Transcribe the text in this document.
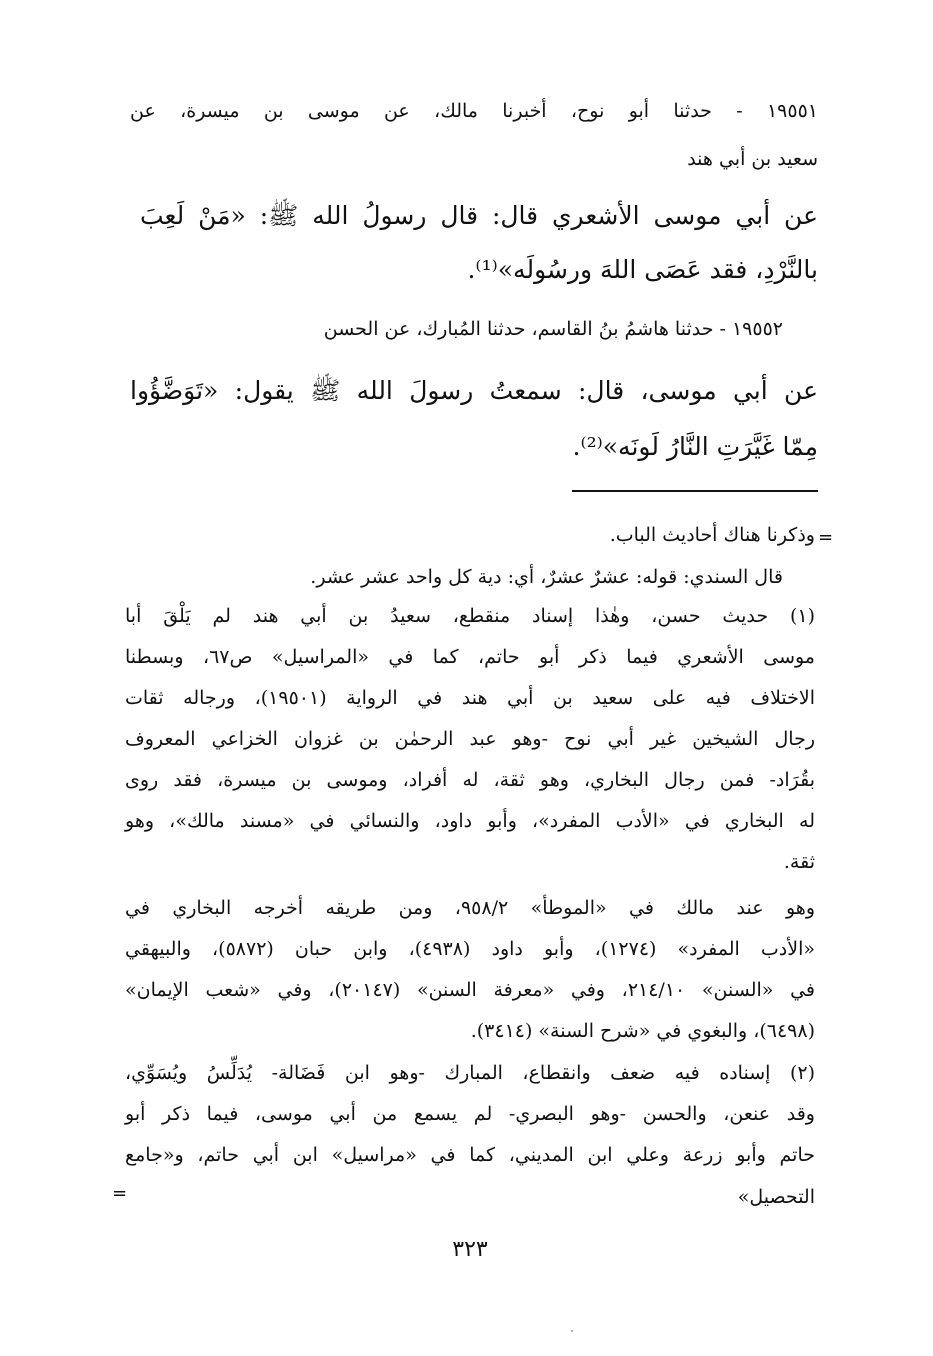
١٩٥٥١ - حدثنا أبو نوح، أخبرنا مالك، عن موسى بن ميسرة، عن
سعيد بن أبي هند
عن أبي موسى الأشعري قال: قال رسولُ الله ﷺ: «مَنْ لَعِبَ
بالنَّرْدِ، فقد عَصَى اللهَ ورسُولَه»⁽¹⁾.
١٩٥٥٢ - حدثنا هاشمُ بنُ القاسم، حدثنا المُبارك، عن الحسن
عن أبي موسى، قال: سمعتُ رسولَ الله ﷺ يقول: «تَوَضَّؤُوا
مِمّا غَيَّرَتِ النَّارُ لَونَه»⁽²⁾.
=
وذكرنا هناك أحاديث الباب.
قال السندي: قوله: عشرٌ عشرٌ، أي: دية كل واحد عشر عشر.
(١) حديث حسن، وهٰذا إسناد منقطع، سعيدُ بن أبي هند لم يَلْقَ أبا
موسى الأشعري فيما ذكر أبو حاتم، كما في «المراسيل» ص٦٧، وبسطنا
الاختلاف فيه على سعيد بن أبي هند في الرواية (١٩٥٠١)، ورجاله ثقات
رجال الشيخين غير أبي نوح -وهو عبد الرحمٰن بن غزوان الخزاعي المعروف
بقُرَاد- فمن رجال البخاري، وهو ثقة، له أفراد، وموسى بن ميسرة، فقد روى
له البخاري في «الأدب المفرد»، وأبو داود، والنسائي في «مسند مالك»، وهو
ثقة.
وهو عند مالك في «الموطأ» ٩٥٨/٢، ومن طريقه أخرجه البخاري في
«الأدب المفرد» (١٢٧٤)، وأبو داود (٤٩٣٨)، وابن حبان (٥٨٧٢)، والبيهقي
في «السنن» ٢١٤/١٠، وفي «معرفة السنن» (٢٠١٤٧)، وفي «شعب الإيمان»
(٦٤٩٨)، والبغوي في «شرح السنة» (٣٤١٤).
(٢) إسناده فيه ضعف وانقطاع، المبارك -وهو ابن فَضَالة- يُدَلِّسُ ويُسَوِّي،
وقد عنعن، والحسن -وهو البصري- لم يسمع من أبي موسى، فيما ذكر أبو
حاتم وأبو زرعة وعلي ابن المديني، كما في «مراسيل» ابن أبي حاتم، و«جامع
التحصيل»
=
٣٢٣
